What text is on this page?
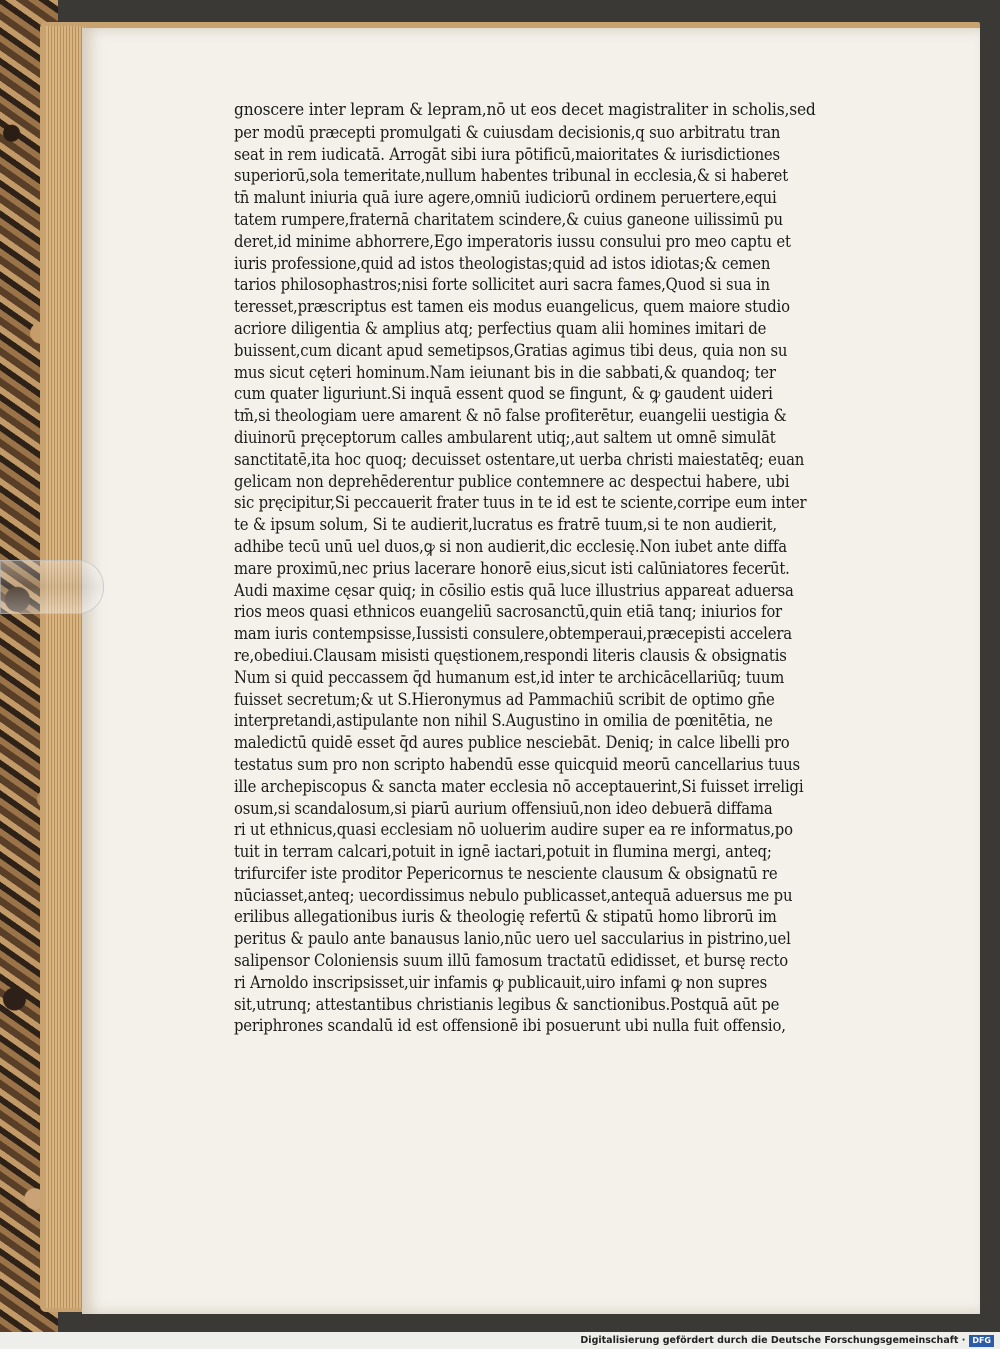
gnoscere inter lepram & lepram,nō ut eos decet magistraliter in scholis,sed
per modū præcepti promulgati & cuiusdam decisionis,q suo arbitratu tran
seat in rem iudicatā. Arrogāt sibi iura pōtificū,maioritates & iurisdictiones
superiorū,sola temeritate,nullum habentes tribunal in ecclesia,& si haberet
tn̄ malunt iniuria quā iure agere,omniū iudiciorū ordinem peruertere,equi
tatem rumpere,fraternā charitatem scindere,& cuius ganeone uilissimū pu
deret,id minime abhorrere,Ego imperatoris iussu consului pro meo captu et
iuris professione,quid ad istos theologistas;quid ad istos idiotas;& cemen
tarios philosophastros;nisi forte sollicitet auri sacra fames,Quod si sua in
teresset,præscriptus est tamen eis modus euangelicus, quem maiore studio
acriore diligentia & amplius atq; perfectius quam alii homines imitari de
buissent,cum dicant apud semetipsos,Gratias agimus tibi deus, quia non su
mus sicut cęteri hominum.Nam ieiunant bis in die sabbati,& quandoq; ter
cum quater liguriunt.Si inquā essent quod se fingunt, & ꝙ gaudent uideri
tm̄,si theologiam uere amarent & nō false profiterētur, euangelii uestigia &
diuinorū pręceptorum calles ambularent utiq;,aut saltem ut omnē simulāt
sanctitatē,ita hoc quoq; decuisset ostentare,ut uerba christi maiestatēq; euan
gelicam non deprehēderentur publice contemnere ac despectui habere, ubi
sic pręcipitur,Si peccauerit frater tuus in te id est te sciente,corripe eum inter
te & ipsum solum, Si te audierit,lucratus es fratrē tuum,si te non audierit,
adhibe tecū unū uel duos,ꝙ si non audierit,dic ecclesię.Non iubet ante diffa
mare proximū,nec prius lacerare honorē eius,sicut isti calūniatores fecerūt.
Audi maxime cęsar quiq; in cōsilio estis quā luce illustrius appareat aduersa
rios meos quasi ethnicos euangeliū sacrosanctū,quin etiā tanq; iniurios for
mam iuris contempsisse,Iussisti consulere,obtemperaui,præcepisti accelera
re,obediui.Clausam misisti quęstionem,respondi literis clausis & obsignatis
Num si quid peccassem q̄d humanum est,id inter te archicācellariūq; tuum
fuisset secretum;& ut S.Hieronymus ad Pammachiū scribit de optimo gn̄e
interpretandi,astipulante non nihil S.Augustino in omilia de pœnitētia, ne
maledictū quidē esset q̄d aures publice nesciebāt. Deniq; in calce libelli pro
testatus sum pro non scripto habendū esse quicquid meorū cancellarius tuus
ille archepiscopus & sancta mater ecclesia nō acceptauerint,Si fuisset irreligi
osum,si scandalosum,si piarū aurium offensiuū,non ideo debuerā diffama
ri ut ethnicus,quasi ecclesiam nō uoluerim audire super ea re informatus,po
tuit in terram calcari,potuit in ignē iactari,potuit in flumina mergi, anteq;
trifurcifer iste proditor Pepericornus te nesciente clausum & obsignatū re
nūciasset,anteq; uecordissimus nebulo publicasset,antequā aduersus me pu
erilibus allegationibus iuris & theologię refertū & stipatū homo librorū im
peritus & paulo ante banausus lanio,nūc uero uel saccularius in pistrino,uel
salipensor Coloniensis suum illū famosum tractatū edidisset, et bursę recto
ri Arnoldo inscripsisset,uir infamis ꝙ publicauit,uiro infami ꝙ non supres
sit,utrunq; attestantibus christianis legibus & sanctionibus.Postquā aūt pe
periphrones scandalū id est offensionē ibi posuerunt ubi nulla fuit offensio,
Digitalisierung gefördert durch die Deutsche Forschungsgemeinschaft · DFG
